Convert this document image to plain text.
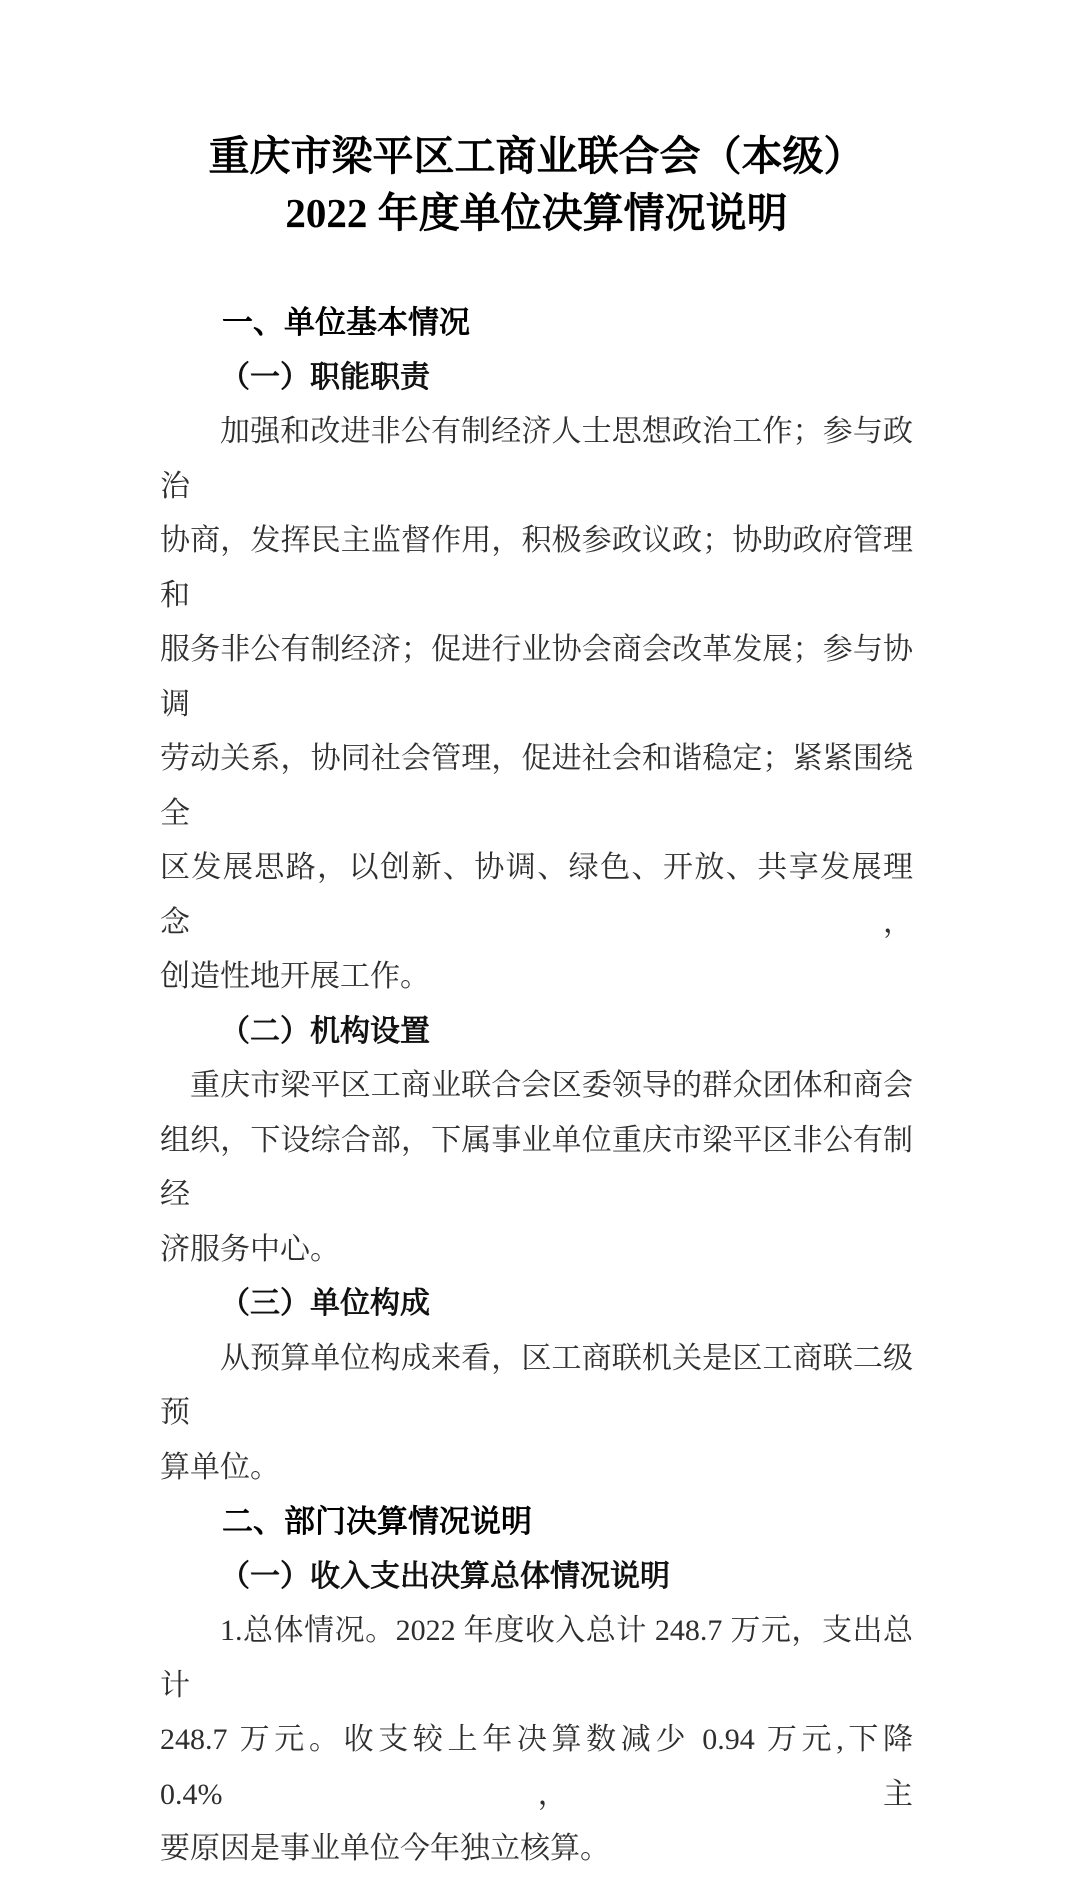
重庆市梁平区工商业联合会（本级）
2022 年度单位决算情况说明
一、单位基本情况
（一）职能职责
加强和改进非公有制经济人士思想政治工作；参与政治
协商，发挥民主监督作用，积极参政议政；协助政府管理和
服务非公有制经济；促进行业协会商会改革发展；参与协调
劳动关系，协同社会管理，促进社会和谐稳定；紧紧围绕全
区发展思路，以创新、协调、绿色、开放、共享发展理念，
创造性地开展工作。
（二）机构设置
重庆市梁平区工商业联合会区委领导的群众团体和商会
组织，下设综合部，下属事业单位重庆市梁平区非公有制经
济服务中心。
（三）单位构成
从预算单位构成来看，区工商联机关是区工商联二级预
算单位。
二、部门决算情况说明
（一）收入支出决算总体情况说明
1.总体情况。2022 年度收入总计 248.7 万元，支出总计
248.7 万元。收支较上年决算数减少 0.94 万元,下降 0.4%，主
要原因是事业单位今年独立核算。
